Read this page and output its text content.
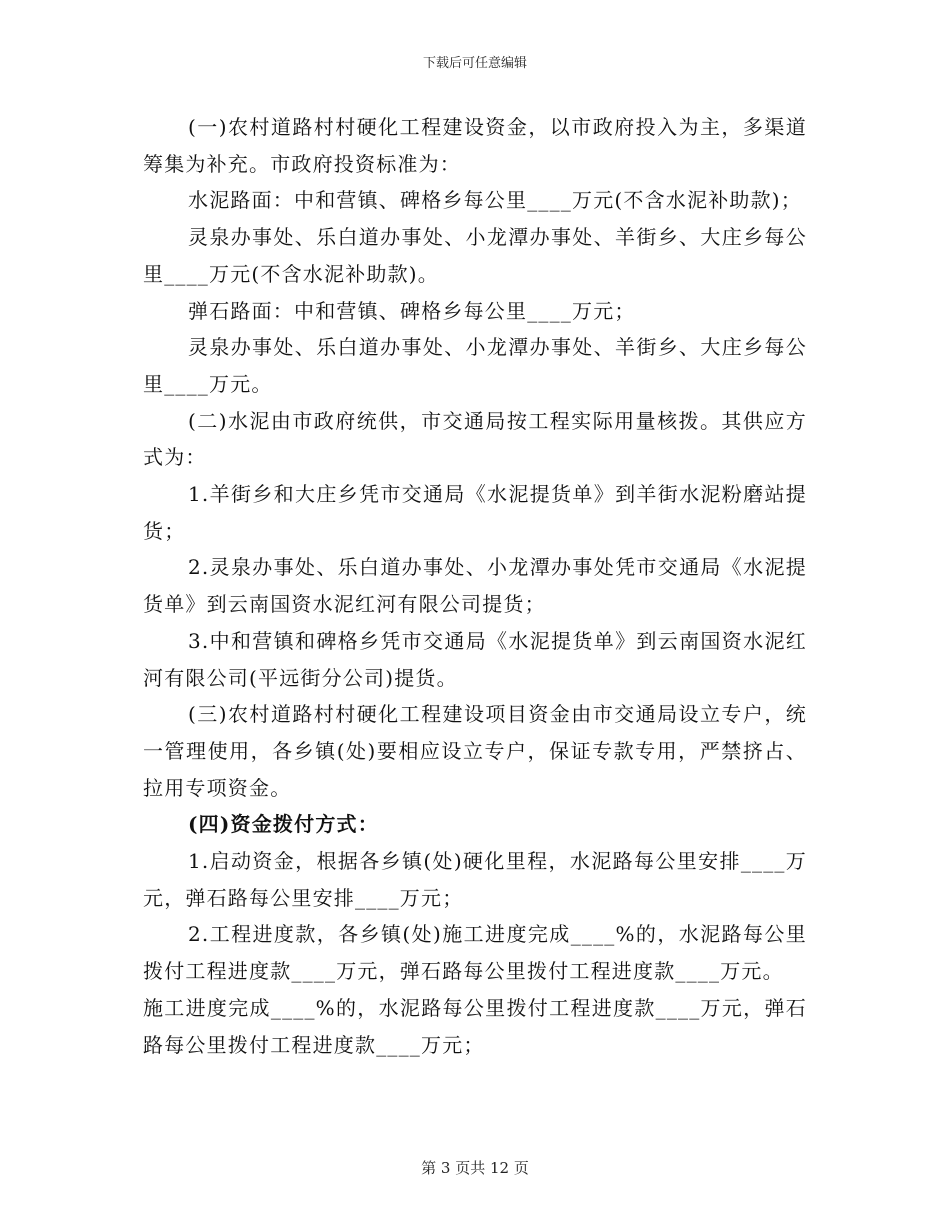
下载后可任意编辑

(一)农村道路村村硬化工程建设资金，以市政府投入为主，多渠道筹集为补充。市政府投资标准为：

水泥路面：中和营镇、碑格乡每公里____万元(不含水泥补助款)；

灵泉办事处、乐白道办事处、小龙潭办事处、羊街乡、大庄乡每公里____万元(不含水泥补助款)。

弹石路面：中和营镇、碑格乡每公里____万元；

灵泉办事处、乐白道办事处、小龙潭办事处、羊街乡、大庄乡每公里____万元。

(二)水泥由市政府统供，市交通局按工程实际用量核拨。其供应方式为：

1.羊街乡和大庄乡凭市交通局《水泥提货单》到羊街水泥粉磨站提货；

2.灵泉办事处、乐白道办事处、小龙潭办事处凭市交通局《水泥提货单》到云南国资水泥红河有限公司提货；

3.中和营镇和碑格乡凭市交通局《水泥提货单》到云南国资水泥红河有限公司(平远街分公司)提货。

(三)农村道路村村硬化工程建设项目资金由市交通局设立专户，统一管理使用，各乡镇(处)要相应设立专户，保证专款专用，严禁挤占、拉用专项资金。

(四)资金拨付方式：

1.启动资金，根据各乡镇(处)硬化里程，水泥路每公里安排____万元，弹石路每公里安排____万元；

2.工程进度款，各乡镇(处)施工进度完成____%的，水泥路每公里拨付工程进度款____万元，弹石路每公里拨付工程进度款____万元。

施工进度完成____%的，水泥路每公里拨付工程进度款____万元，弹石路每公里拨付工程进度款____万元；

第 3 页共 12 页
